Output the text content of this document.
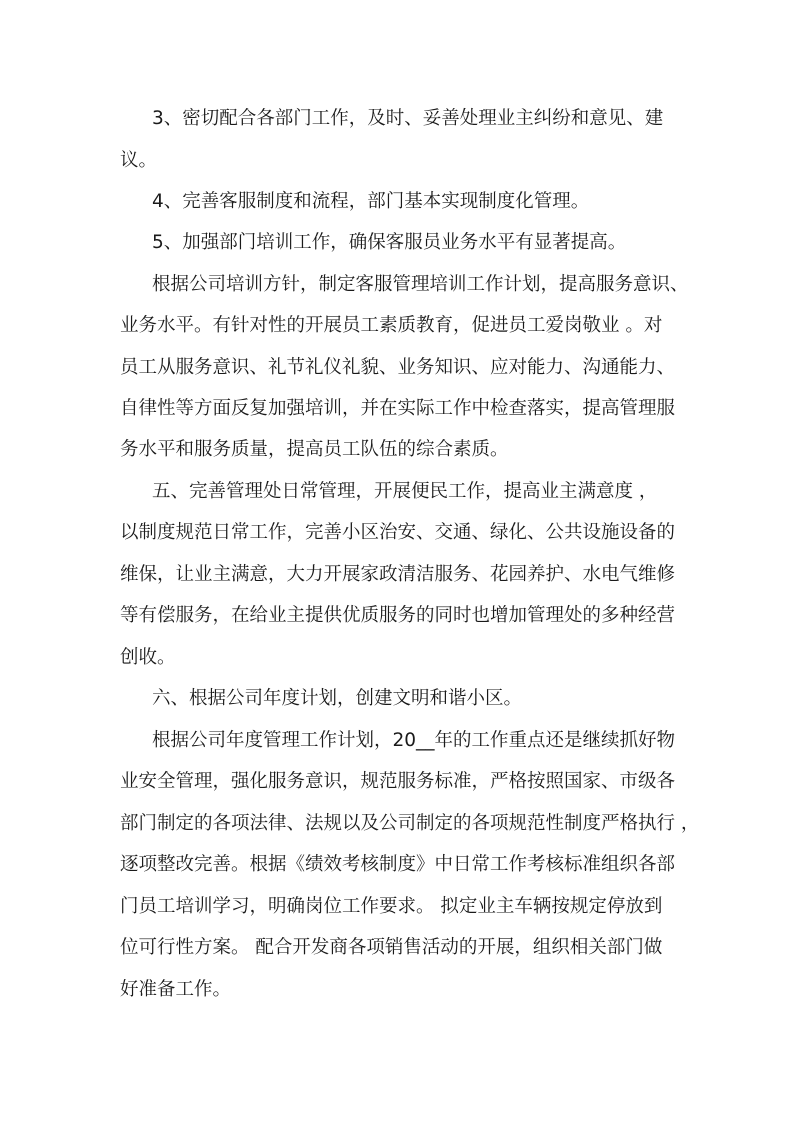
3、密切配合各部门工作，及时、妥善处理业主纠纷和意见、建
议。
4、完善客服制度和流程，部门基本实现制度化管理。
5、加强部门培训工作，确保客服员业务水平有显著提高。
根据公司培训方针，制定客服管理培训工作计划，提高服务意识、
业务水平。有针对性的开展员工素质教育，促进员工爱岗敬业 。对
员工从服务意识、礼节礼仪礼貌、业务知识、应对能力、沟通能力、
自律性等方面反复加强培训，并在实际工作中检查落实，提高管理服
务水平和服务质量，提高员工队伍的综合素质。
五、完善管理处日常管理，开展便民工作，提高业主满意度 ，
以制度规范日常工作，完善小区治安、交通、绿化、公共设施设备的
维保，让业主满意，大力开展家政清洁服务、花园养护、水电气维修
等有偿服务，在给业主提供优质服务的同时也增加管理处的多种经营
创收。
六、根据公司年度计划，创建文明和谐小区。
根据公司年度管理工作计划，20__年的工作重点还是继续抓好物
业安全管理，强化服务意识，规范服务标准，严格按照国家、市级各
部门制定的各项法律、法规以及公司制定的各项规范性制度严格执行 ，
逐项整改完善。根据《绩效考核制度》中日常工作考核标准组织各部
门员工培训学习，明确岗位工作要求。 拟定业主车辆按规定停放到
位可行性方案。 配合开发商各项销售活动的开展，组织相关部门做
好准备工作。
